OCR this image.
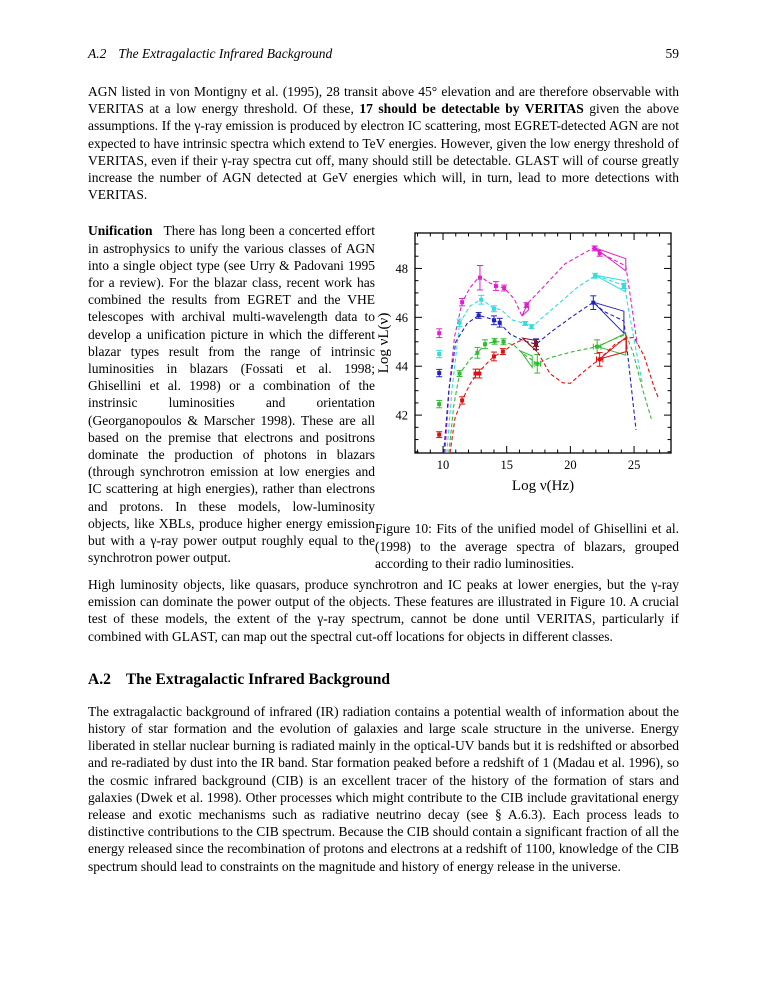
A.2 The Extragalactic Infrared Background	59

AGN listed in von Montigny et al. (1995), 28 transit above 45° elevation and are therefore observable with VERITAS at a low energy threshold. Of these, 17 should be detectable by VERITAS given the above assumptions. If the γ-ray emission is produced by electron IC scattering, most EGRET-detected AGN are not expected to have intrinsic spectra which extend to TeV energies. However, given the low energy threshold of VERITAS, even if their γ-ray spectra cut off, many should still be detectable. GLAST will of course greatly increase the number of AGN detected at GeV energies which will, in turn, lead to more detections with VERITAS.

Unification There has long been a concerted effort in astrophysics to unify the various classes of AGN into a single object type (see Urry & Padovani 1995 for a review). For the blazar class, recent work has combined the results from EGRET and the VHE telescopes with archival multi-wavelength data to develop a unification picture in which the different blazar types result from the range of intrinsic luminosities in blazars (Fossati et al. 1998; Ghisellini et al. 1998) or a combination of the instrinsic luminosities and orientation (Georganopoulos & Marscher 1998). These are all based on the premise that electrons and positrons dominate the production of photons in blazars (through synchrotron emission at low energies and IC scattering at high energies), rather than electrons and protons. In these models, low-luminosity objects, like XBLs, produce higher energy emission but with a γ-ray power output roughly equal to the synchrotron power output.
10	15	20	25
42
44
46
48
Log ν(Hz)
Log νL(ν)

Figure 10: Fits of the unified model of Ghisellini et al. (1998) to the average spectra of blazars, grouped according to their radio luminosities.

High luminosity objects, like quasars, produce synchrotron and IC peaks at lower energies, but the γ-ray emission can dominate the power output of the objects. These features are illustrated in Figure 10. A crucial test of these models, the extent of the γ-ray spectrum, cannot be done until VERITAS, particularly if combined with GLAST, can map out the spectral cut-off locations for objects in different classes.

A.2 The Extragalactic Infrared Background

The extragalactic background of infrared (IR) radiation contains a potential wealth of information about the history of star formation and the evolution of galaxies and large scale structure in the universe. Energy liberated in stellar nuclear burning is radiated mainly in the optical-UV bands but it is redshifted or absorbed and re-radiated by dust into the IR band. Star formation peaked before a redshift of 1 (Madau et al. 1996), so the cosmic infrared background (CIB) is an excellent tracer of the history of the formation of stars and galaxies (Dwek et al. 1998). Other processes which might contribute to the CIB include gravitational energy release and exotic mechanisms such as radiative neutrino decay (see § A.6.3). Each process leads to distinctive contributions to the CIB spectrum. Because the CIB should contain a significant fraction of all the energy released since the recombination of protons and electrons at a redshift of 1100, knowledge of the CIB spectrum should lead to constraints on the magnitude and history of energy release in the universe.
